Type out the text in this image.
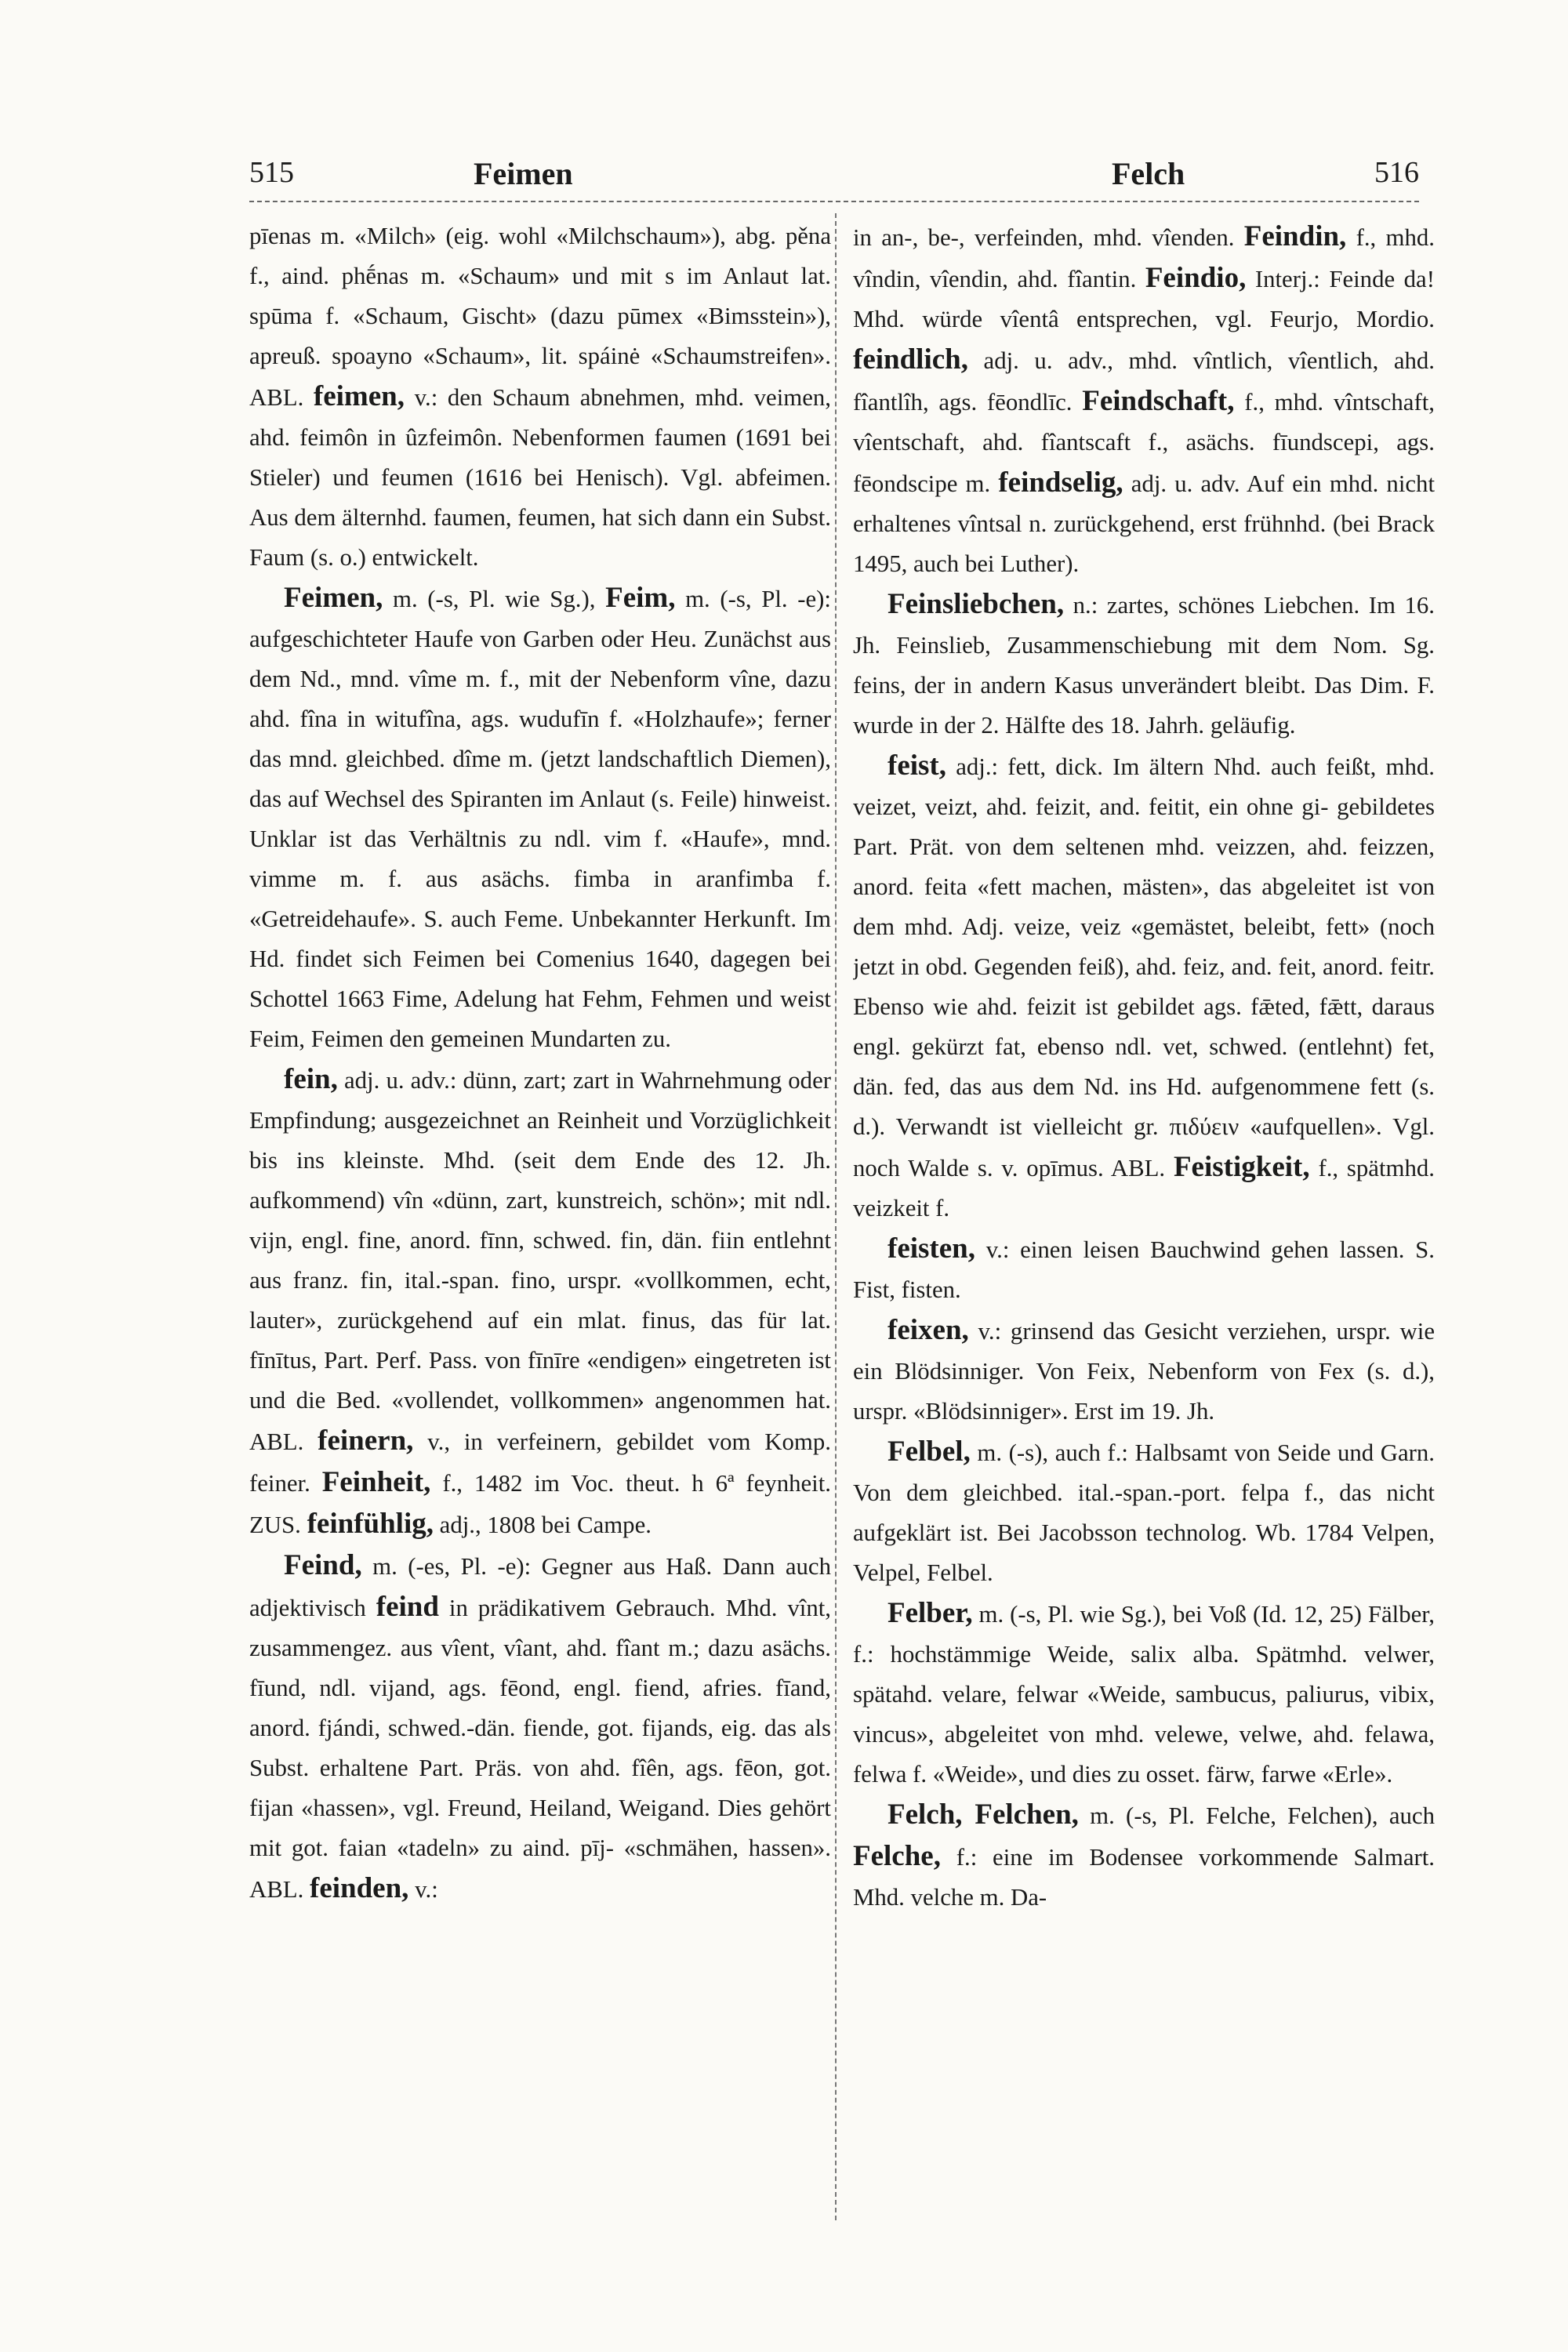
515	Feimen	Felch	516

pīenas m. «Milch» (eig. wohl «Milchschaum»), abg. pěna f., aind. phḗnas m. «Schaum» und mit s im Anlaut lat. spūma f. «Schaum, Gischt» (dazu pūmex «Bimsstein»), apreuß. spoayno «Schaum», lit. spáinė «Schaumstreifen». ABL. feimen, v.: den Schaum abnehmen, mhd. veimen, ahd. feimôn in ûzfeimôn. Nebenformen faumen (1691 bei Stieler) und feumen (1616 bei Henisch). Vgl. abfeimen. Aus dem älternhd. faumen, feumen, hat sich dann ein Subst. Faum (s. o.) entwickelt.

Feimen, m. (-s, Pl. wie Sg.), Feim, m. (-s, Pl. -e): aufgeschichteter Haufe von Garben oder Heu. Zunächst aus dem Nd., mnd. vîme m. f., mit der Nebenform vîne, dazu ahd. fîna in witufîna, ags. wudufīn f. «Holzhaufe»; ferner das mnd. gleichbed. dîme m. (jetzt landschaftlich Diemen), das auf Wechsel des Spiranten im Anlaut (s. Feile) hinweist. Unklar ist das Verhältnis zu ndl. vim f. «Haufe», mnd. vimme m. f. aus asächs. fimba in aranfimba f. «Getreidehaufe». S. auch Feme. Unbekannter Herkunft. Im Hd. findet sich Feimen bei Comenius 1640, dagegen bei Schottel 1663 Fime, Adelung hat Fehm, Fehmen und weist Feim, Feimen den gemeinen Mundarten zu.

fein, adj. u. adv.: dünn, zart; zart in Wahrnehmung oder Empfindung; ausgezeichnet an Reinheit und Vorzüglichkeit bis ins kleinste. Mhd. (seit dem Ende des 12. Jh. aufkommend) vîn «dünn, zart, kunstreich, schön»; mit ndl. vijn, engl. fine, anord. fīnn, schwed. fin, dän. fiin entlehnt aus franz. fin, ital.-span. fino, urspr. «vollkommen, echt, lauter», zurückgehend auf ein mlat. finus, das für lat. fīnītus, Part. Perf. Pass. von fīnīre «endigen» eingetreten ist und die Bed. «vollendet, vollkommen» angenommen hat. ABL. feinern, v., in verfeinern, gebildet vom Komp. feiner. Feinheit, f., 1482 im Voc. theut. h 6ª feynheit. ZUS. feinfühlig, adj., 1808 bei Campe.

Feind, m. (-es, Pl. -e): Gegner aus Haß. Dann auch adjektivisch feind in prädikativem Gebrauch. Mhd. vînt, zusammengez. aus vîent, vîant, ahd. fîant m.; dazu asächs. fīund, ndl. vijand, ags. fēond, engl. fiend, afries. fīand, anord. fjándi, schwed.-dän. fiende, got. fijands, eig. das als Subst. erhaltene Part. Präs. von ahd. fîên, ags. fēon, got. fijan «hassen», vgl. Freund, Heiland, Weigand. Dies gehört mit got. faian «tadeln» zu aind. pīj- «schmähen, hassen». ABL. feinden, v.:

in an-, be-, verfeinden, mhd. vîenden. Feindin, f., mhd. vîndin, vîendin, ahd. fîantin. Feindio, Interj.: Feinde da! Mhd. würde vîentâ entsprechen, vgl. Feurjo, Mordio. feindlich, adj. u. adv., mhd. vîntlich, vîentlich, ahd. fîantlîh, ags. fēondlīc. Feindschaft, f., mhd. vîntschaft, vîentschaft, ahd. fîantscaft f., asächs. fīundscepi, ags. fēondscipe m. feindselig, adj. u. adv. Auf ein mhd. nicht erhaltenes vîntsal n. zurückgehend, erst frühnhd. (bei Brack 1495, auch bei Luther).

Feinsliebchen, n.: zartes, schönes Liebchen. Im 16. Jh. Feinslieb, Zusammenschiebung mit dem Nom. Sg. feins, der in andern Kasus unverändert bleibt. Das Dim. F. wurde in der 2. Hälfte des 18. Jahrh. geläufig.

feist, adj.: fett, dick. Im ältern Nhd. auch feißt, mhd. veizet, veizt, ahd. feizit, and. feitit, ein ohne gi- gebildetes Part. Prät. von dem seltenen mhd. veizzen, ahd. feizzen, anord. feita «fett machen, mästen», das abgeleitet ist von dem mhd. Adj. veize, veiz «gemästet, beleibt, fett» (noch jetzt in obd. Gegenden feiß), ahd. feiz, and. feit, anord. feitr. Ebenso wie ahd. feizit ist gebildet ags. fǣted, fǣtt, daraus engl. gekürzt fat, ebenso ndl. vet, schwed. (entlehnt) fet, dän. fed, das aus dem Nd. ins Hd. aufgenommene fett (s. d.). Verwandt ist vielleicht gr. πιδύειν «aufquellen». Vgl. noch Walde s. v. opīmus. ABL. Feistigkeit, f., spätmhd. veizkeit f.

feisten, v.: einen leisen Bauchwind gehen lassen. S. Fist, fisten.

feixen, v.: grinsend das Gesicht verziehen, urspr. wie ein Blödsinniger. Von Feix, Nebenform von Fex (s. d.), urspr. «Blödsinniger». Erst im 19. Jh.

Felbel, m. (-s), auch f.: Halbsamt von Seide und Garn. Von dem gleichbed. ital.-span.-port. felpa f., das nicht aufgeklärt ist. Bei Jacobsson technolog. Wb. 1784 Velpen, Velpel, Felbel.

Felber, m. (-s, Pl. wie Sg.), bei Voß (Id. 12, 25) Fälber, f.: hochstämmige Weide, salix alba. Spätmhd. velwer, spätahd. velare, felwar «Weide, sambucus, paliurus, vibix, vincus», abgeleitet von mhd. velewe, velwe, ahd. felawa, felwa f. «Weide», und dies zu osset. färw, farwe «Erle».

Felch, Felchen, m. (-s, Pl. Felche, Felchen), auch Felche, f.: eine im Bodensee vorkommende Salmart. Mhd. velche m. Da-
